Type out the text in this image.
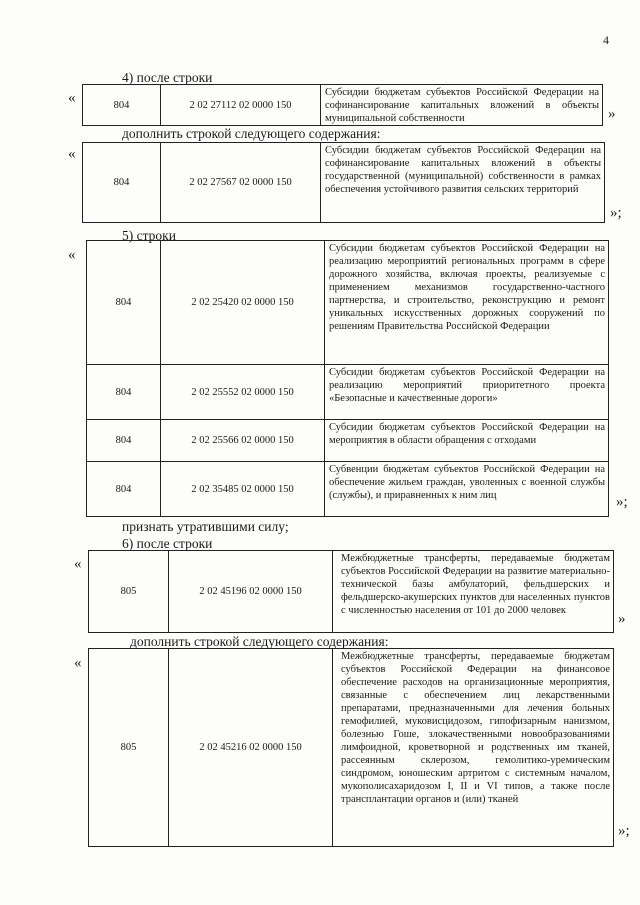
4
4) после строки
«	804	2 02 27112 02 0000 150	Субсидии бюджетам субъектов Российской Федерации на софинансирование капитальных вложений в объекты муниципальной собственности	»
дополнить строкой следующего содержания:
«
804	2 02 27567 02 0000 150	Субсидии бюджетам субъектов Российской Федерации на софинансирование капитальных вложений в объекты государственной (муниципальной) собственности в рамках обеспечения устойчивого развития сельских территорий
»;
5) строки
«
804	2 02 25420 02 0000 150	Субсидии бюджетам субъектов Российской Федерации на реализацию мероприятий региональных программ в сфере дорожного хозяйства, включая проекты, реализуемые с применением механизмов государственно-частного партнерства, и строительство, реконструкцию и ремонт уникальных искусственных дорожных сооружений по решениям Правительства Российской Федерации
804	2 02 25552 02 0000 150	Субсидии бюджетам субъектов Российской Федерации на реализацию мероприятий приоритетного проекта «Безопасные и качественные дороги»
804	2 02 25566 02 0000 150	Субсидии бюджетам субъектов Российской Федерации на мероприятия в области обращения с отходами
804	2 02 35485 02 0000 150	Субвенции бюджетам субъектов Российской Федерации на обеспечение жильем граждан, уволенных с военной службы (службы), и приравненных к ним лиц	»;
признать утратившими силу;
6) после строки
«
805	2 02 45196 02 0000 150	Межбюджетные трансферты, передаваемые бюджетам субъектов Российской Федерации на развитие материально-технической базы амбулаторий, фельдшерских и фельдшерско-акушерских пунктов для населенных пунктов с численностью населения от 101 до 2000 человек
»
дополнить строкой следующего содержания:
«
805	2 02 45216 02 0000 150	Межбюджетные трансферты, передаваемые бюджетам субъектов Российской Федерации на финансовое обеспечение расходов на организационные мероприятия, связанные с обеспечением лиц лекарственными препаратами, предназначенными для лечения больных гемофилией, муковисцидозом, гипофизарным нанизмом, болезнью Гоше, злокачественными новообразованиями лимфоидной, кроветворной и родственных им тканей, рассеянным склерозом, гемолитико-уремическим синдромом, юношеским артритом с системным началом, мукополисахаридозом I, II и VI типов, а также после трансплантации органов и (или) тканей
»;
